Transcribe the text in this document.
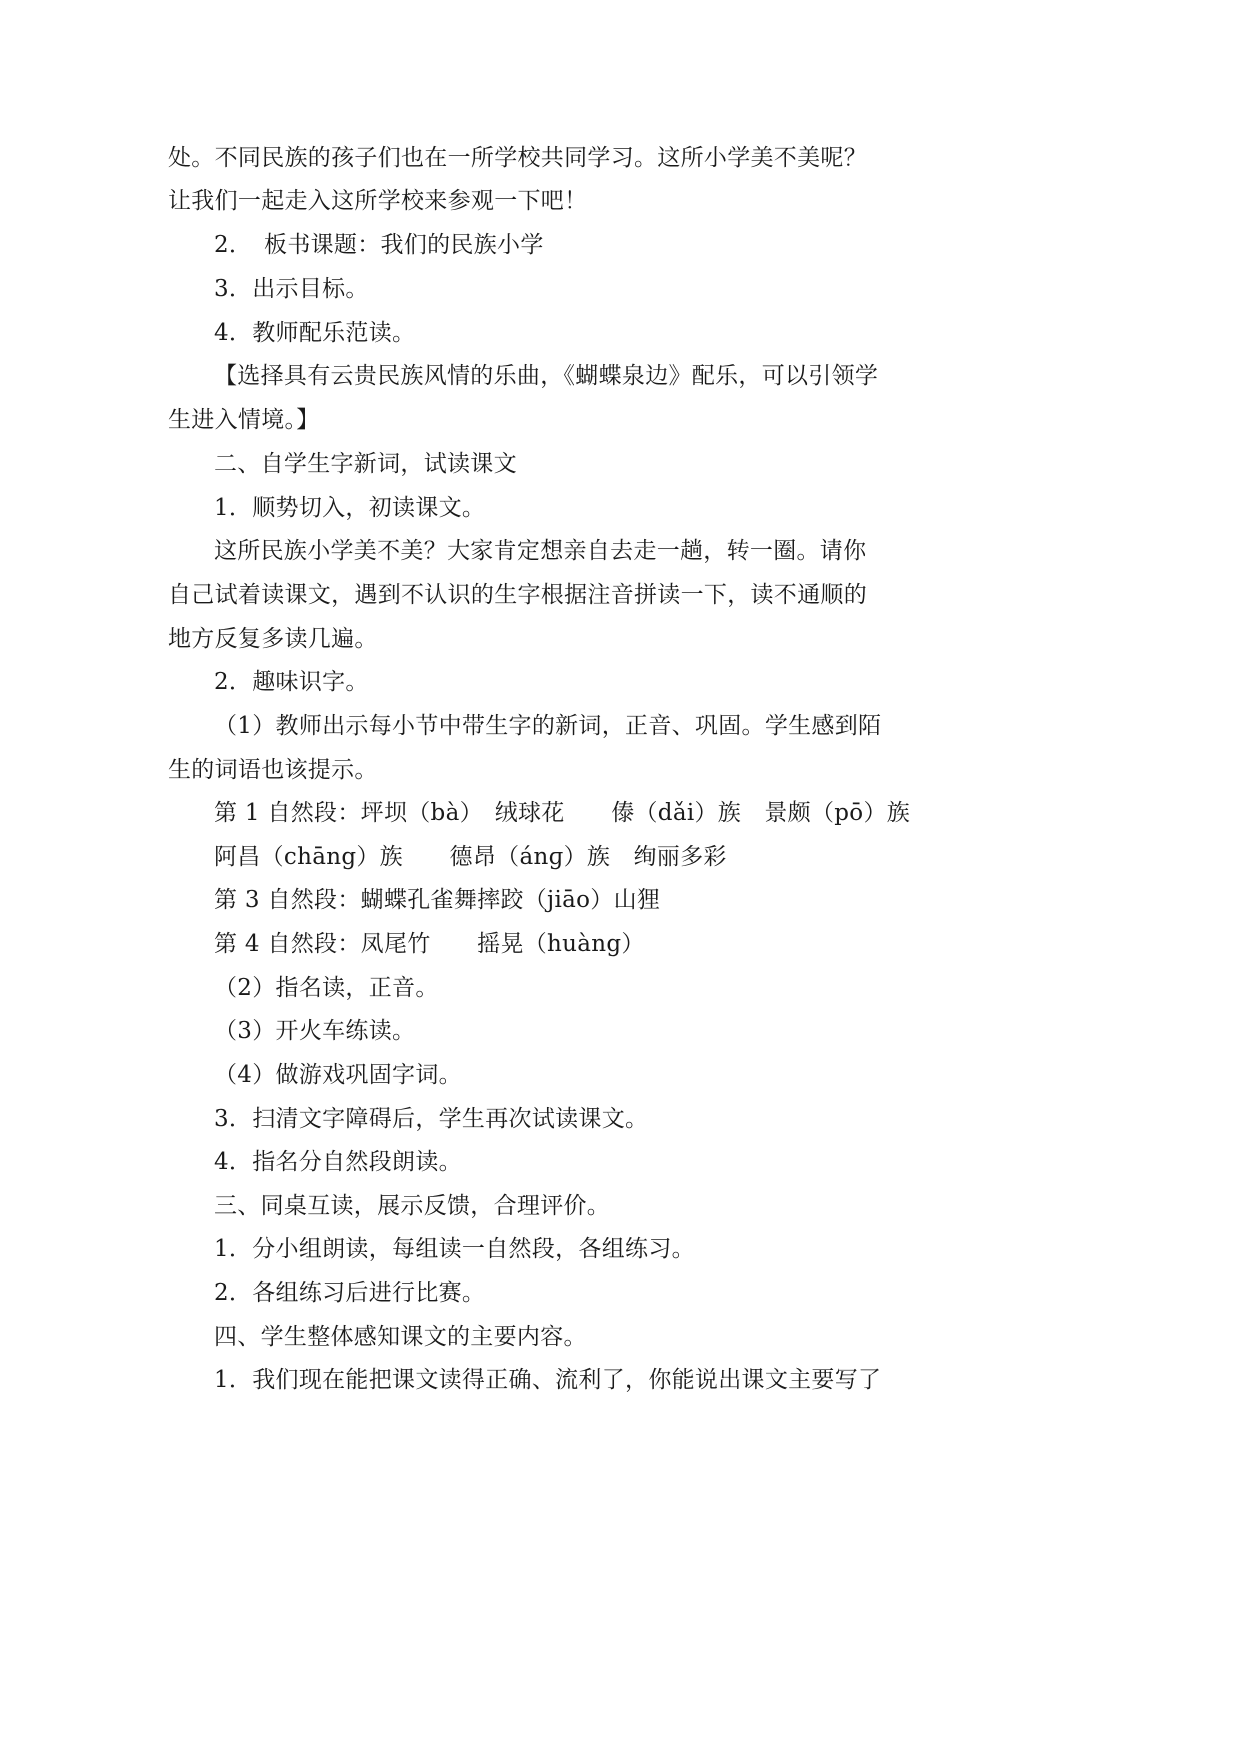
处。不同民族的孩子们也在一所学校共同学习。这所小学美不美呢？
让我们一起走入这所学校来参观一下吧！
2．　板书课题：我们的民族小学
3．出示目标。
4．教师配乐范读。
【选择具有云贵民族风情的乐曲，《蝴蝶泉边》配乐，可以引领学
生进入情境。】
二、自学生字新词，试读课文
1．顺势切入，初读课文。
这所民族小学美不美？大家肯定想亲自去走一趟，转一圈。请你
自己试着读课文，遇到不认识的生字根据注音拼读一下，读不通顺的
地方反复多读几遍。
2．趣味识字。
（1）教师出示每小节中带生字的新词，正音、巩固。学生感到陌
生的词语也该提示。
第 1 自然段：坪坝（bà）　绒球花　　傣（dǎi）族　景颇（pō）族
阿昌（chāng）族　　德昂（ánɡ）族　绚丽多彩
第 3 自然段：蝴蝶孔雀舞摔跤（jiāo）山狸
第 4 自然段：凤尾竹　　摇晃（huàng）
（2）指名读，正音。
（3）开火车练读。
（4）做游戏巩固字词。
3．扫清文字障碍后，学生再次试读课文。
4．指名分自然段朗读。
三、同桌互读，展示反馈，合理评价。
1．分小组朗读，每组读一自然段，各组练习。
2．各组练习后进行比赛。
四、学生整体感知课文的主要内容。
1．我们现在能把课文读得正确、流利了，你能说出课文主要写了
